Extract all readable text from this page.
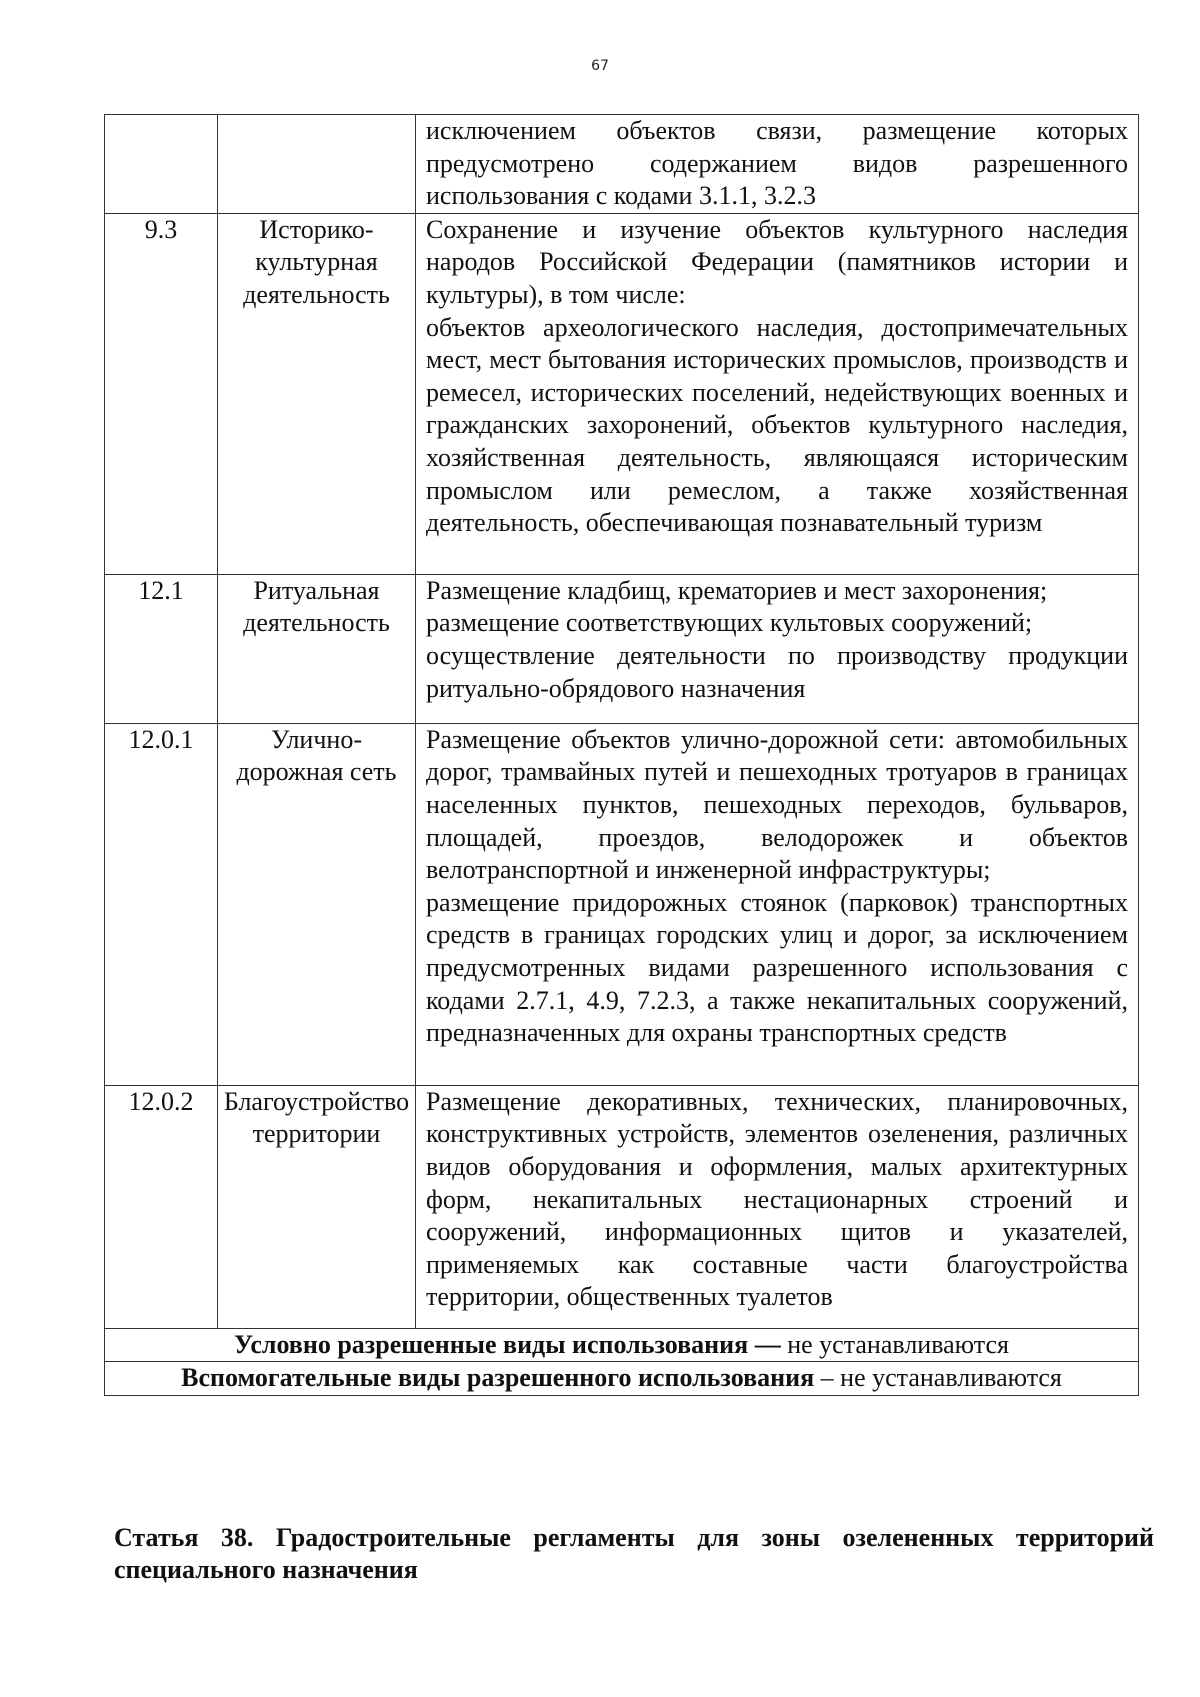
67

		исключением объектов связи, размещение которых предусмотрено содержанием видов разрешенного использования с кодами 3.1.1, 3.2.3

9.3	Историко-культурная деятельность	Сохранение и изучение объектов культурного наследия народов Российской Федерации (памятников истории и культуры), в том числе:
объектов археологического наследия, достопримечательных мест, мест бытования исторических промыслов, производств и ремесел, исторических поселений, недействующих военных и гражданских захоронений, объектов культурного наследия, хозяйственная деятельность, являющаяся историческим промыслом или ремеслом, а также хозяйственная деятельность, обеспечивающая познавательный туризм

12.1	Ритуальная деятельность	Размещение кладбищ, крематориев и мест захоронения;
размещение соответствующих культовых сооружений;
осуществление деятельности по производству продукции ритуально-обрядового назначения

12.0.1	Улично-дорожная сеть	Размещение объектов улично-дорожной сети: автомобильных дорог, трамвайных путей и пешеходных тротуаров в границах населенных пунктов, пешеходных переходов, бульваров, площадей, проездов, велодорожек и объектов велотранспортной и инженерной инфраструктуры;
размещение придорожных стоянок (парковок) транспортных средств в границах городских улиц и дорог, за исключением предусмотренных видами разрешенного использования с кодами 2.7.1, 4.9, 7.2.3, а также некапитальных сооружений, предназначенных для охраны транспортных средств

12.0.2	Благоустройство территории	Размещение декоративных, технических, планировочных, конструктивных устройств, элементов озеленения, различных видов оборудования и оформления, малых архитектурных форм, некапитальных нестационарных строений и сооружений, информационных щитов и указателей, применяемых как составные части благоустройства территории, общественных туалетов

Условно разрешенные виды использования — не устанавливаются		
Вспомогательные виды разрешенного использования – не устанавливаются		
Статья 38. Градостроительные регламенты для зоны озелененных территорий специального назначения
